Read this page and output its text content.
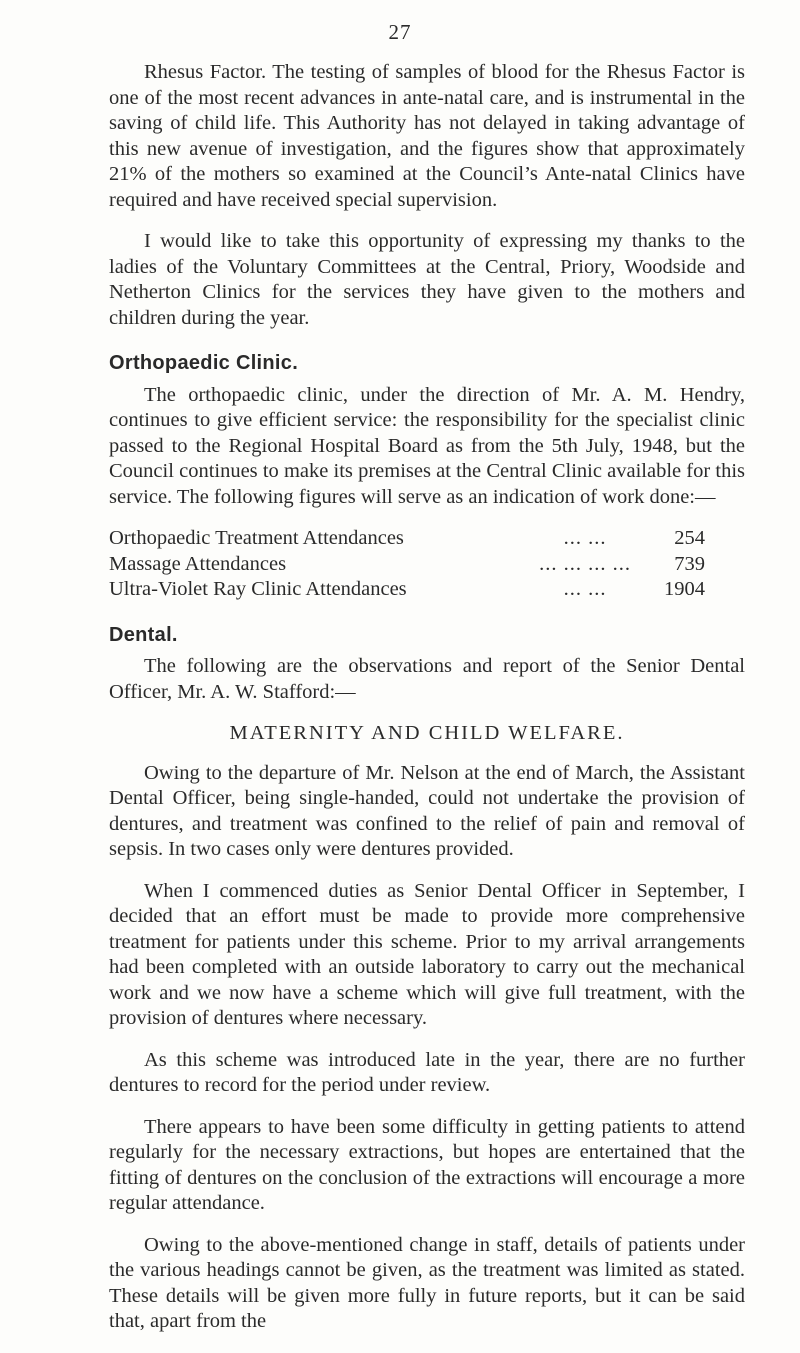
27

Rhesus Factor. The testing of samples of blood for the Rhesus Factor is one of the most recent advances in ante-natal care, and is instrumental in the saving of child life. This Authority has not delayed in taking advantage of this new avenue of investigation, and the figures show that approximately 21% of the mothers so examined at the Council’s Ante-natal Clinics have required and have received special supervision.

I would like to take this opportunity of expressing my thanks to the ladies of the Voluntary Committees at the Central, Priory, Woodside and Netherton Clinics for the services they have given to the mothers and children during the year.

Orthopaedic Clinic.

The orthopaedic clinic, under the direction of Mr. A. M. Hendry, continues to give efficient service: the responsibility for the specialist clinic passed to the Regional Hospital Board as from the 5th July, 1948, but the Council continues to make its premises at the Central Clinic available for this service. The following figures will serve as an indication of work done:—

Orthopaedic Treatment Attendances	... ...	254
Massage Attendances	... ... ... ...	739
Ultra-Violet Ray Clinic Attendances	... ...	1904
Dental.

The following are the observations and report of the Senior Dental Officer, Mr. A. W. Stafford:—

MATERNITY AND CHILD WELFARE.

Owing to the departure of Mr. Nelson at the end of March, the Assistant Dental Officer, being single-handed, could not undertake the provision of dentures, and treatment was confined to the relief of pain and removal of sepsis. In two cases only were dentures provided.

When I commenced duties as Senior Dental Officer in September, I decided that an effort must be made to provide more comprehensive treatment for patients under this scheme. Prior to my arrival arrangements had been completed with an outside laboratory to carry out the mechanical work and we now have a scheme which will give full treatment, with the provision of dentures where necessary.

As this scheme was introduced late in the year, there are no further dentures to record for the period under review.

There appears to have been some difficulty in getting patients to attend regularly for the necessary extractions, but hopes are entertained that the fitting of dentures on the conclusion of the extractions will encourage a more regular attendance.

Owing to the above-mentioned change in staff, details of patients under the various headings cannot be given, as the treatment was limited as stated. These details will be given more fully in future reports, but it can be said that, apart from the
